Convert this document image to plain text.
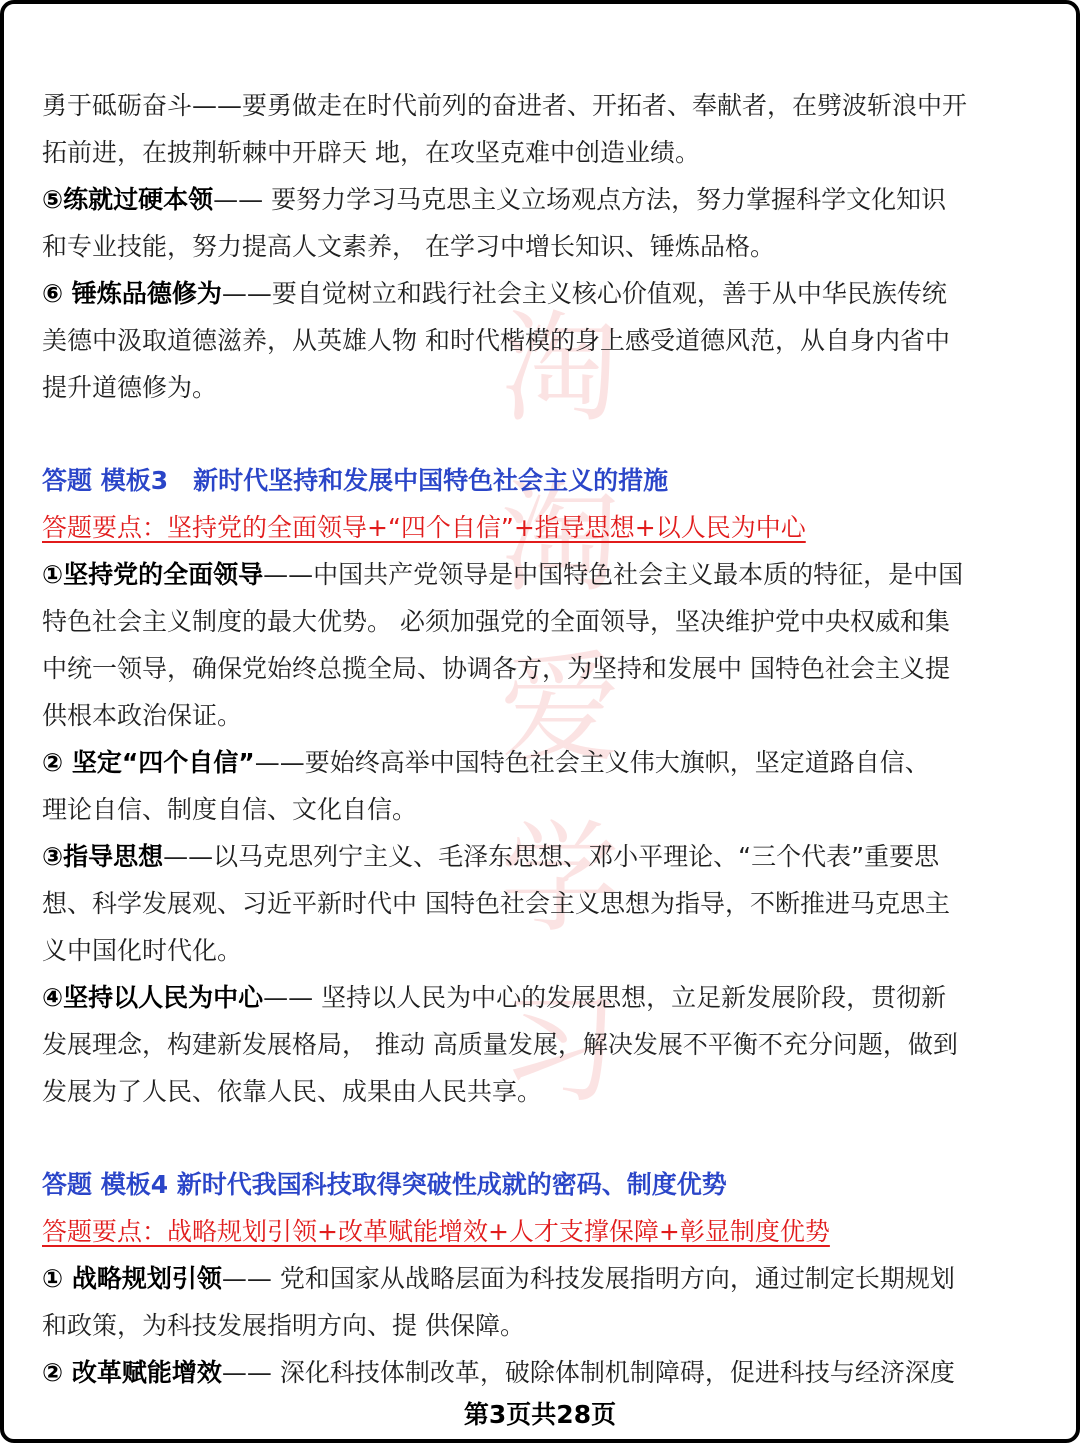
淘
淘
爱
学
习
勇于砥砺奋斗——要勇做走在时代前列的奋进者、开拓者、奉献者，在劈波斩浪中开
拓前进，在披荆斩棘中开辟天 地，在攻坚克难中创造业绩。
⑤练就过硬本领—— 要努力学习马克思主义立场观点方法，努力掌握科学文化知识
和专业技能，努力提高人文素养， 在学习中增长知识、锤炼品格。
⑥ 锤炼品德修为——要自觉树立和践行社会主义核心价值观，善于从中华民族传统
美德中汲取道德滋养，从英雄人物 和时代楷模的身上感受道德风范，从自身内省中
提升道德修为。
答题 模板3　新时代坚持和发展中国特色社会主义的措施
答题要点：坚持党的全面领导+“四个自信”+指导思想+以人民为中心
①坚持党的全面领导——中国共产党领导是中国特色社会主义最本质的特征，是中国
特色社会主义制度的最大优势。 必须加强党的全面领导，坚决维护党中央权威和集
中统一领导，确保党始终总揽全局、协调各方，为坚持和发展中 国特色社会主义提
供根本政治保证。
② 坚定“四个自信”——要始终高举中国特色社会主义伟大旗帜，坚定道路自信、
理论自信、制度自信、文化自信。
③指导思想——以马克思列宁主义、毛泽东思想、邓小平理论、“三个代表”重要思
想、科学发展观、习近平新时代中 国特色社会主义思想为指导，不断推进马克思主
义中国化时代化。
④坚持以人民为中心—— 坚持以人民为中心的发展思想，立足新发展阶段，贯彻新
发展理念，构建新发展格局， 推动 高质量发展，解决发展不平衡不充分问题，做到
发展为了人民、依靠人民、成果由人民共享。
答题 模板4 新时代我国科技取得突破性成就的密码、制度优势
答题要点：战略规划引领+改革赋能增效+人才支撑保障+彰显制度优势
① 战略规划引领—— 党和国家从战略层面为科技发展指明方向，通过制定长期规划
和政策，为科技发展指明方向、提 供保障。
② 改革赋能增效—— 深化科技体制改革，破除体制机制障碍，促进科技与经济深度
第3页共28页
